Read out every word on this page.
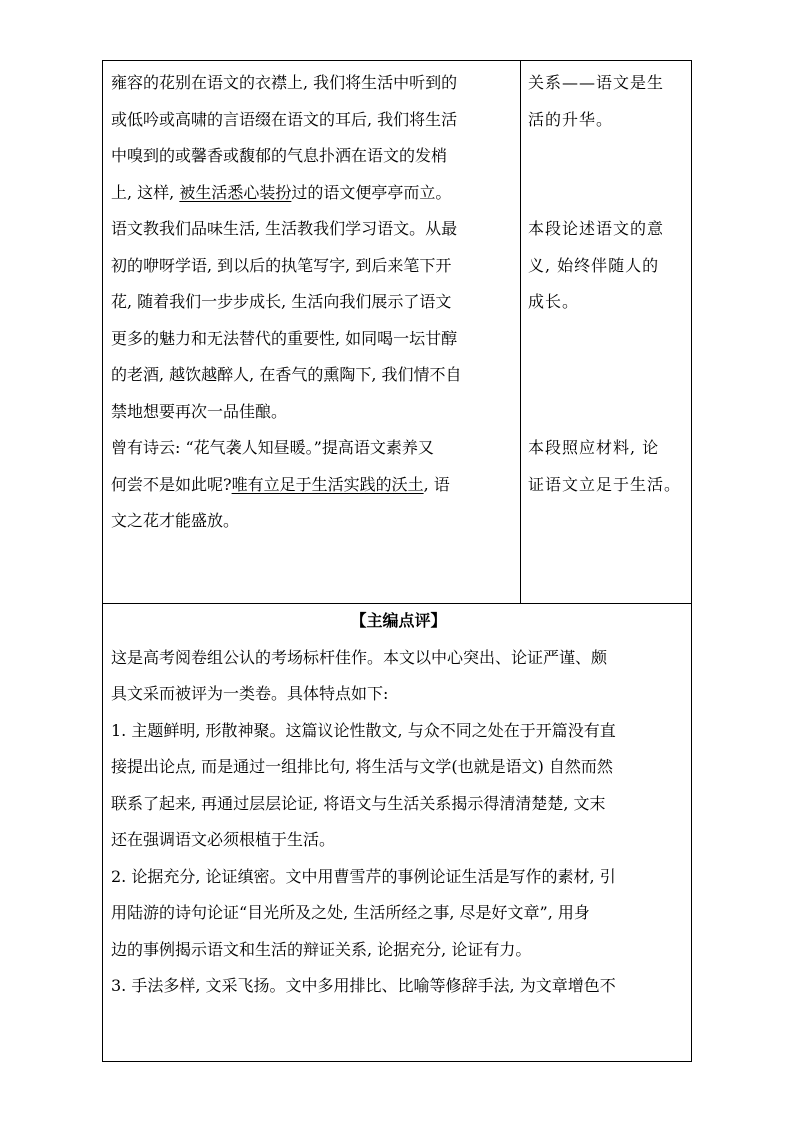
雍容的花别在语文的衣襟上, 我们将生活中听到的
或低吟或高啸的言语缀在语文的耳后, 我们将生活
中嗅到的或馨香或馥郁的气息扑洒在语文的发梢
上, 这样, 被生活悉心装扮过的语文便亭亭而立。
语文教我们品味生活, 生活教我们学习语文。从最
初的咿呀学语, 到以后的执笔写字, 到后来笔下开
花, 随着我们一步步成长, 生活向我们展示了语文
更多的魅力和无法替代的重要性, 如同喝一坛甘醇
的老酒, 越饮越醉人, 在香气的熏陶下, 我们情不自
禁地想要再次一品佳酿。
曾有诗云: “花气袭人知昼暖。”提高语文素养又
何尝不是如此呢?唯有立足于生活实践的沃土, 语
文之花才能盛放。
关系——语文是生
活的升华。
本段论述语文的意
义, 始终伴随人的
成长。
本段照应材料, 论
证语文立足于生活。
【主编点评】
这是高考阅卷组公认的考场标杆佳作。本文以中心突出、论证严谨、颇
具文采而被评为一类卷。具体特点如下:
1. 主题鲜明, 形散神聚。这篇议论性散文, 与众不同之处在于开篇没有直
接提出论点, 而是通过一组排比句, 将生活与文学(也就是语文) 自然而然
联系了起来, 再通过层层论证, 将语文与生活关系揭示得清清楚楚, 文末
还在强调语文必须根植于生活。
2. 论据充分, 论证缜密。文中用曹雪芹的事例论证生活是写作的素材, 引
用陆游的诗句论证“目光所及之处, 生活所经之事, 尽是好文章”, 用身
边的事例揭示语文和生活的辩证关系, 论据充分, 论证有力。
3. 手法多样, 文采飞扬。文中多用排比、比喻等修辞手法, 为文章增色不
